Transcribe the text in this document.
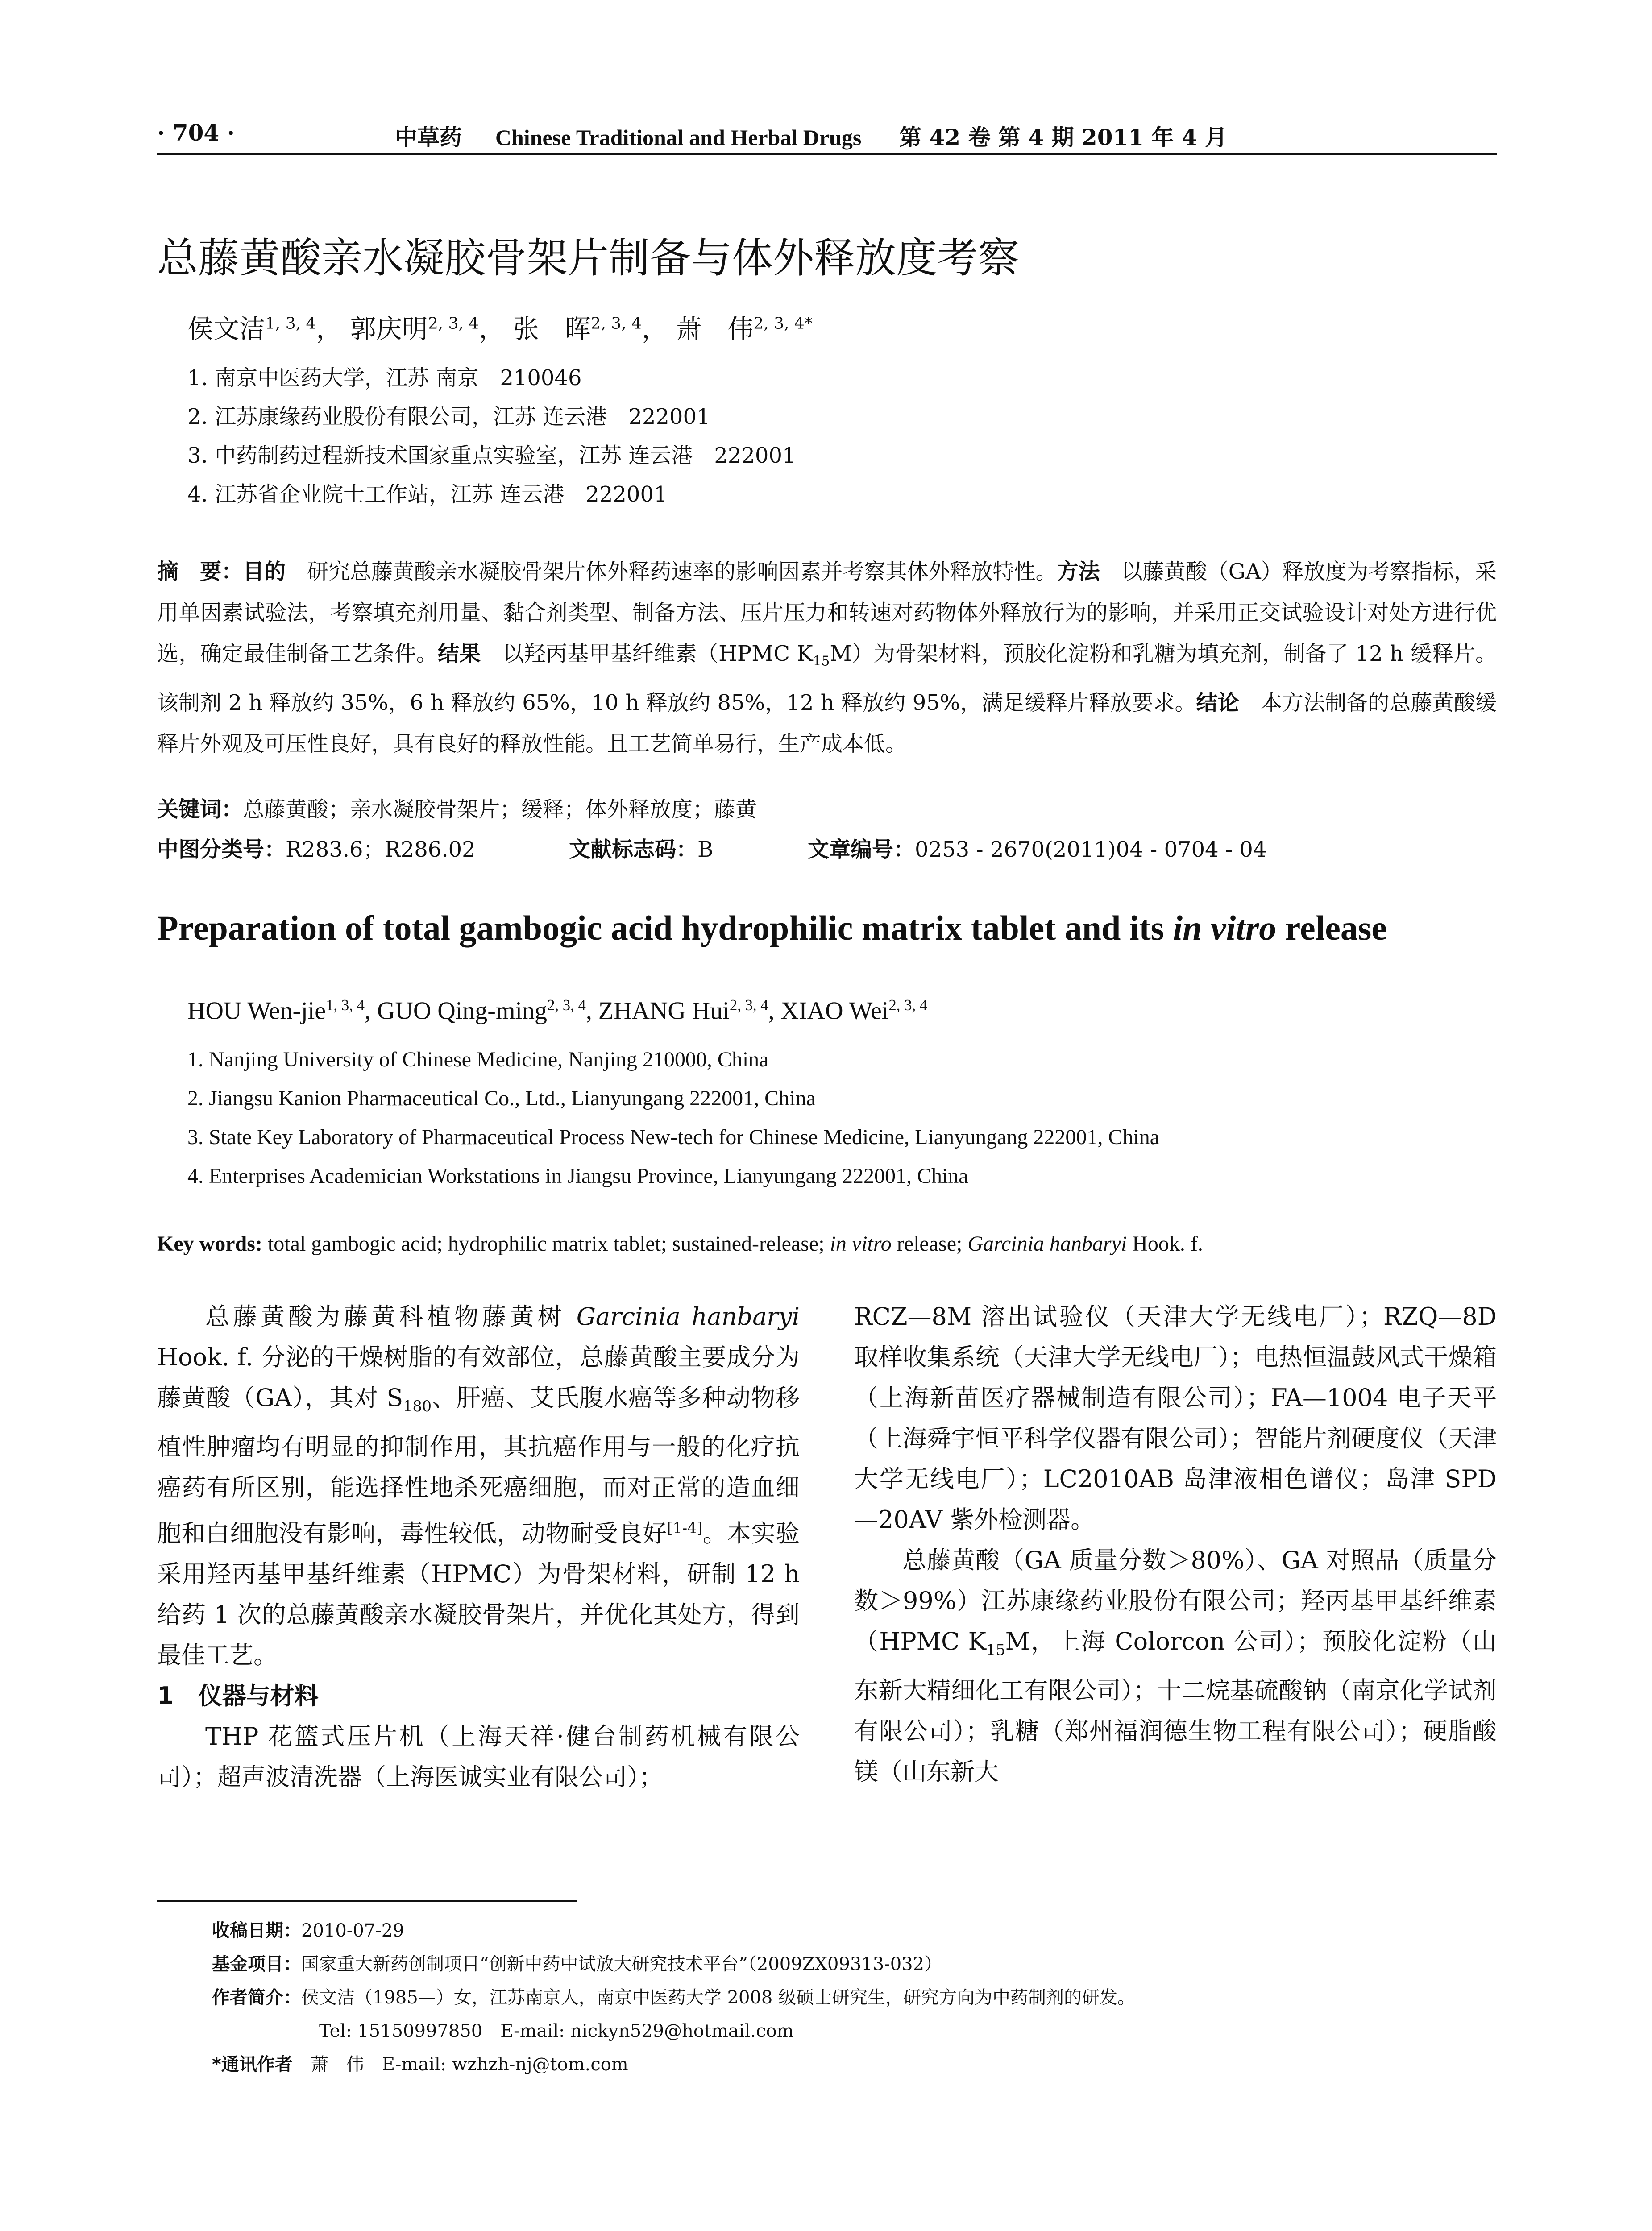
· 704 ·	中草药 Chinese Traditional and Herbal Drugs 第 42 卷 第 4 期 2011 年 4 月
总藤黄酸亲水凝胶骨架片制备与体外释放度考察
侯文洁$^{1, 3, 4}$， 郭庆明$^{2, 3, 4}$， 张　晖$^{2, 3, 4}$， 萧　伟$^{2, 3, 4*}$
1. 南京中医药大学，江苏 南京　210046
2. 江苏康缘药业股份有限公司，江苏 连云港　222001
3. 中药制药过程新技术国家重点实验室，江苏 连云港　222001
4. 江苏省企业院士工作站，江苏 连云港　222001
摘　要：目的　 研究总藤黄酸亲水凝胶骨架片体外释药速率的影响因素并考察其体外释放特性。方法　 以藤黄酸（GA）释放度为考察指标，采用单因素试验法，考察填充剂用量、黏合剂类型、制备方法、压片压力和转速对药物体外释放行为的影响，并采用正交试验设计对处方进行优选，确定最佳制备工艺条件。结果　 以羟丙基甲基纤维素（HPMC $K_{15}M$）为骨架材料，预胶化淀粉和乳糖为填充剂，制备了 12 h 缓释片。该制剂 2 h 释放约 35%，6 h 释放约 65%，10 h 释放约 85%，12 h 释放约 95%，满足缓释片释放要求。结论　 本方法制备的总藤黄酸缓释片外观及可压性良好，具有良好的释放性能。且工艺简单易行，生产成本低。
关键词：总藤黄酸；亲水凝胶骨架片；缓释；体外释放度；藤黄
中图分类号：R283.6；R286.02	文献标志码：B	文章编号：0253 - 2670(2011)04 - 0704 - 04
Preparation of total gambogic acid hydrophilic matrix tablet and its in vitro release
HOU Wen-jie$^{1, 3, 4}$, GUO Qing-ming$^{2, 3, 4}$, ZHANG Hui$^{2, 3, 4}$, XIAO Wei$^{2, 3, 4}$
1. Nanjing University of Chinese Medicine, Nanjing 210000, China
2. Jiangsu Kanion Pharmaceutical Co., Ltd., Lianyungang 222001, China
3. State Key Laboratory of Pharmaceutical Process New-tech for Chinese Medicine, Lianyungang 222001, China
4. Enterprises Academician Workstations in Jiangsu Province, Lianyungang 222001, China
Key words: total gambogic acid; hydrophilic matrix tablet; sustained-release; in vitro release; Garcinia hanbaryi Hook. f.

总藤黄酸为藤黄科植物藤黄树 Garcinia hanbaryi Hook. f. 分泌的干燥树脂的有效部位，总藤黄酸主要成分为藤黄酸（GA），其对 $S_{180}$、肝癌、艾氏腹水癌等多种动物移植性肿瘤均有明显的抑制作用，其抗癌作用与一般的化疗抗癌药有所区别，能选择性地杀死癌细胞，而对正常的造血细胞和白细胞没有影响，毒性较低，动物耐受良好[1-4]。本实验采用羟丙基甲基纤维素（HPMC）为骨架材料，研制 12 h 给药 1 次的总藤黄酸亲水凝胶骨架片，并优化其处方，得到最佳工艺。

1　仪器与材料

THP 花篮式压片机（上海天祥·健台制药机械有限公司）；超声波清洗器（上海医诚实业有限公司）；

RCZ—8M 溶出试验仪（天津大学无线电厂）；RZQ—8D 取样收集系统（天津大学无线电厂）；电热恒温鼓风式干燥箱（上海新苗医疗器械制造有限公司）；FA—1004 电子天平（上海舜宇恒平科学仪器有限公司）；智能片剂硬度仪（天津大学无线电厂）；LC2010AB 岛津液相色谱仪；岛津 SPD—20AV 紫外检测器。

总藤黄酸（GA 质量分数＞80%）、GA 对照品（质量分数＞99%）江苏康缘药业股份有限公司；羟丙基甲基纤维素（HPMC $K_{15}M$，上海 Colorcon 公司）；预胶化淀粉（山东新大精细化工有限公司）；十二烷基硫酸钠（南京化学试剂有限公司）；乳糖（郑州福润德生物工程有限公司）；硬脂酸镁（山东新大

收稿日期：2010-07-29
基金项目：国家重大新药创制项目“创新中药中试放大研究技术平台”（2009ZX09313-032）
作者简介：侯文洁（1985—）女，江苏南京人，南京中医药大学 2008 级硕士研究生，研究方向为中药制剂的研发。
Tel: 15150997850　E-mail: nickyn529@hotmail.com
*通讯作者　 萧　伟　E-mail: wzhzh-nj@tom.com
